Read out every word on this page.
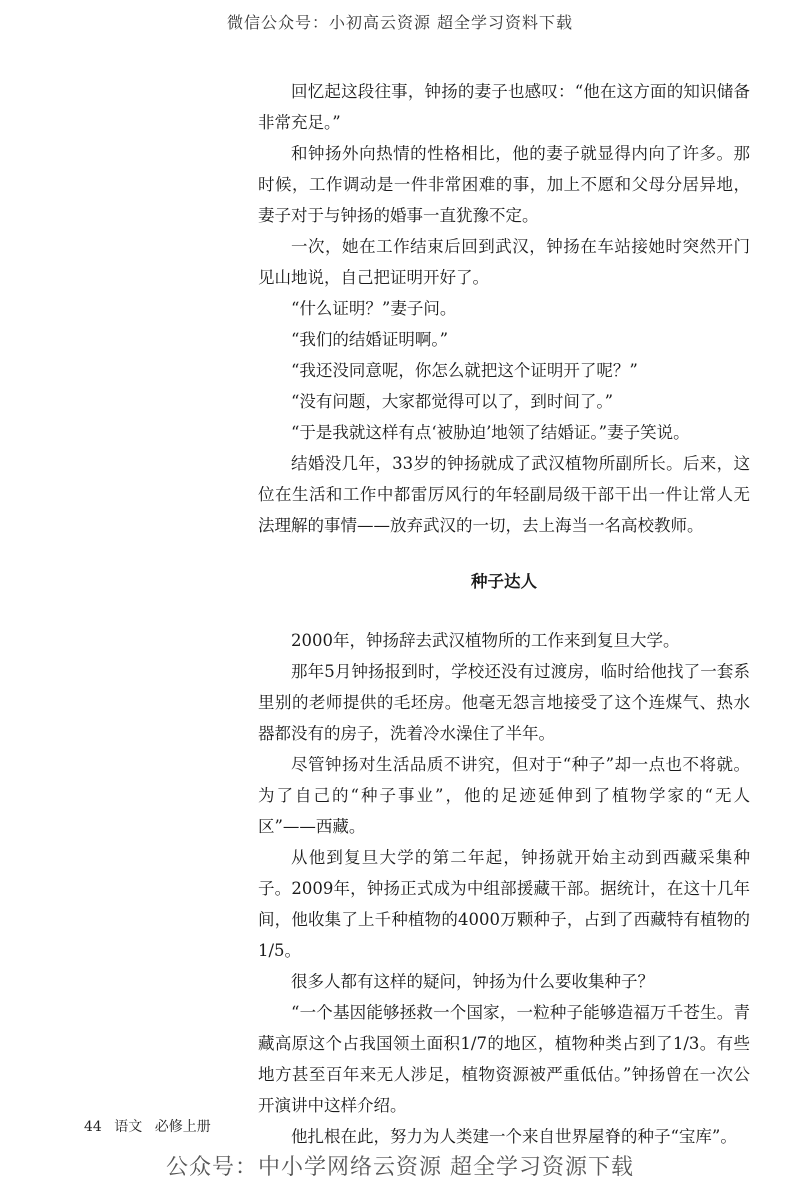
微信公众号：小初高云资源 超全学习资料下载

回忆起这段往事，钟扬的妻子也感叹：“他在这方面的知识储备非常充足。”

和钟扬外向热情的性格相比，他的妻子就显得内向了许多。那时候，工作调动是一件非常困难的事，加上不愿和父母分居异地，妻子对于与钟扬的婚事一直犹豫不定。

一次，她在工作结束后回到武汉，钟扬在车站接她时突然开门见山地说，自己把证明开好了。

“什么证明？”妻子问。

“我们的结婚证明啊。”

“我还没同意呢，你怎么就把这个证明开了呢？”

“没有问题，大家都觉得可以了，到时间了。”

“于是我就这样有点‘被胁迫’地领了结婚证。”妻子笑说。

结婚没几年，33岁的钟扬就成了武汉植物所副所长。后来，这位在生活和工作中都雷厉风行的年轻副局级干部干出一件让常人无法理解的事情——放弃武汉的一切，去上海当一名高校教师。

种子达人

2000年，钟扬辞去武汉植物所的工作来到复旦大学。

那年5月钟扬报到时，学校还没有过渡房，临时给他找了一套系里别的老师提供的毛坯房。他毫无怨言地接受了这个连煤气、热水器都没有的房子，洗着冷水澡住了半年。

尽管钟扬对生活品质不讲究，但对于“种子”却一点也不将就。为了自己的“种子事业”，他的足迹延伸到了植物学家的“无人区”——西藏。

从他到复旦大学的第二年起，钟扬就开始主动到西藏采集种子。2009年，钟扬正式成为中组部援藏干部。据统计，在这十几年间，他收集了上千种植物的4000万颗种子，占到了西藏特有植物的1/5。

很多人都有这样的疑问，钟扬为什么要收集种子？

“一个基因能够拯救一个国家，一粒种子能够造福万千苍生。青藏高原这个占我国领土面积1/7的地区，植物种类占到了1/3。有些地方甚至百年来无人涉足，植物资源被严重低估。”钟扬曾在一次公开演讲中这样介绍。

他扎根在此，努力为人类建一个来自世界屋脊的种子“宝库”。

44 语文 必修上册
公众号：中小学网络云资源 超全学习资源下载
